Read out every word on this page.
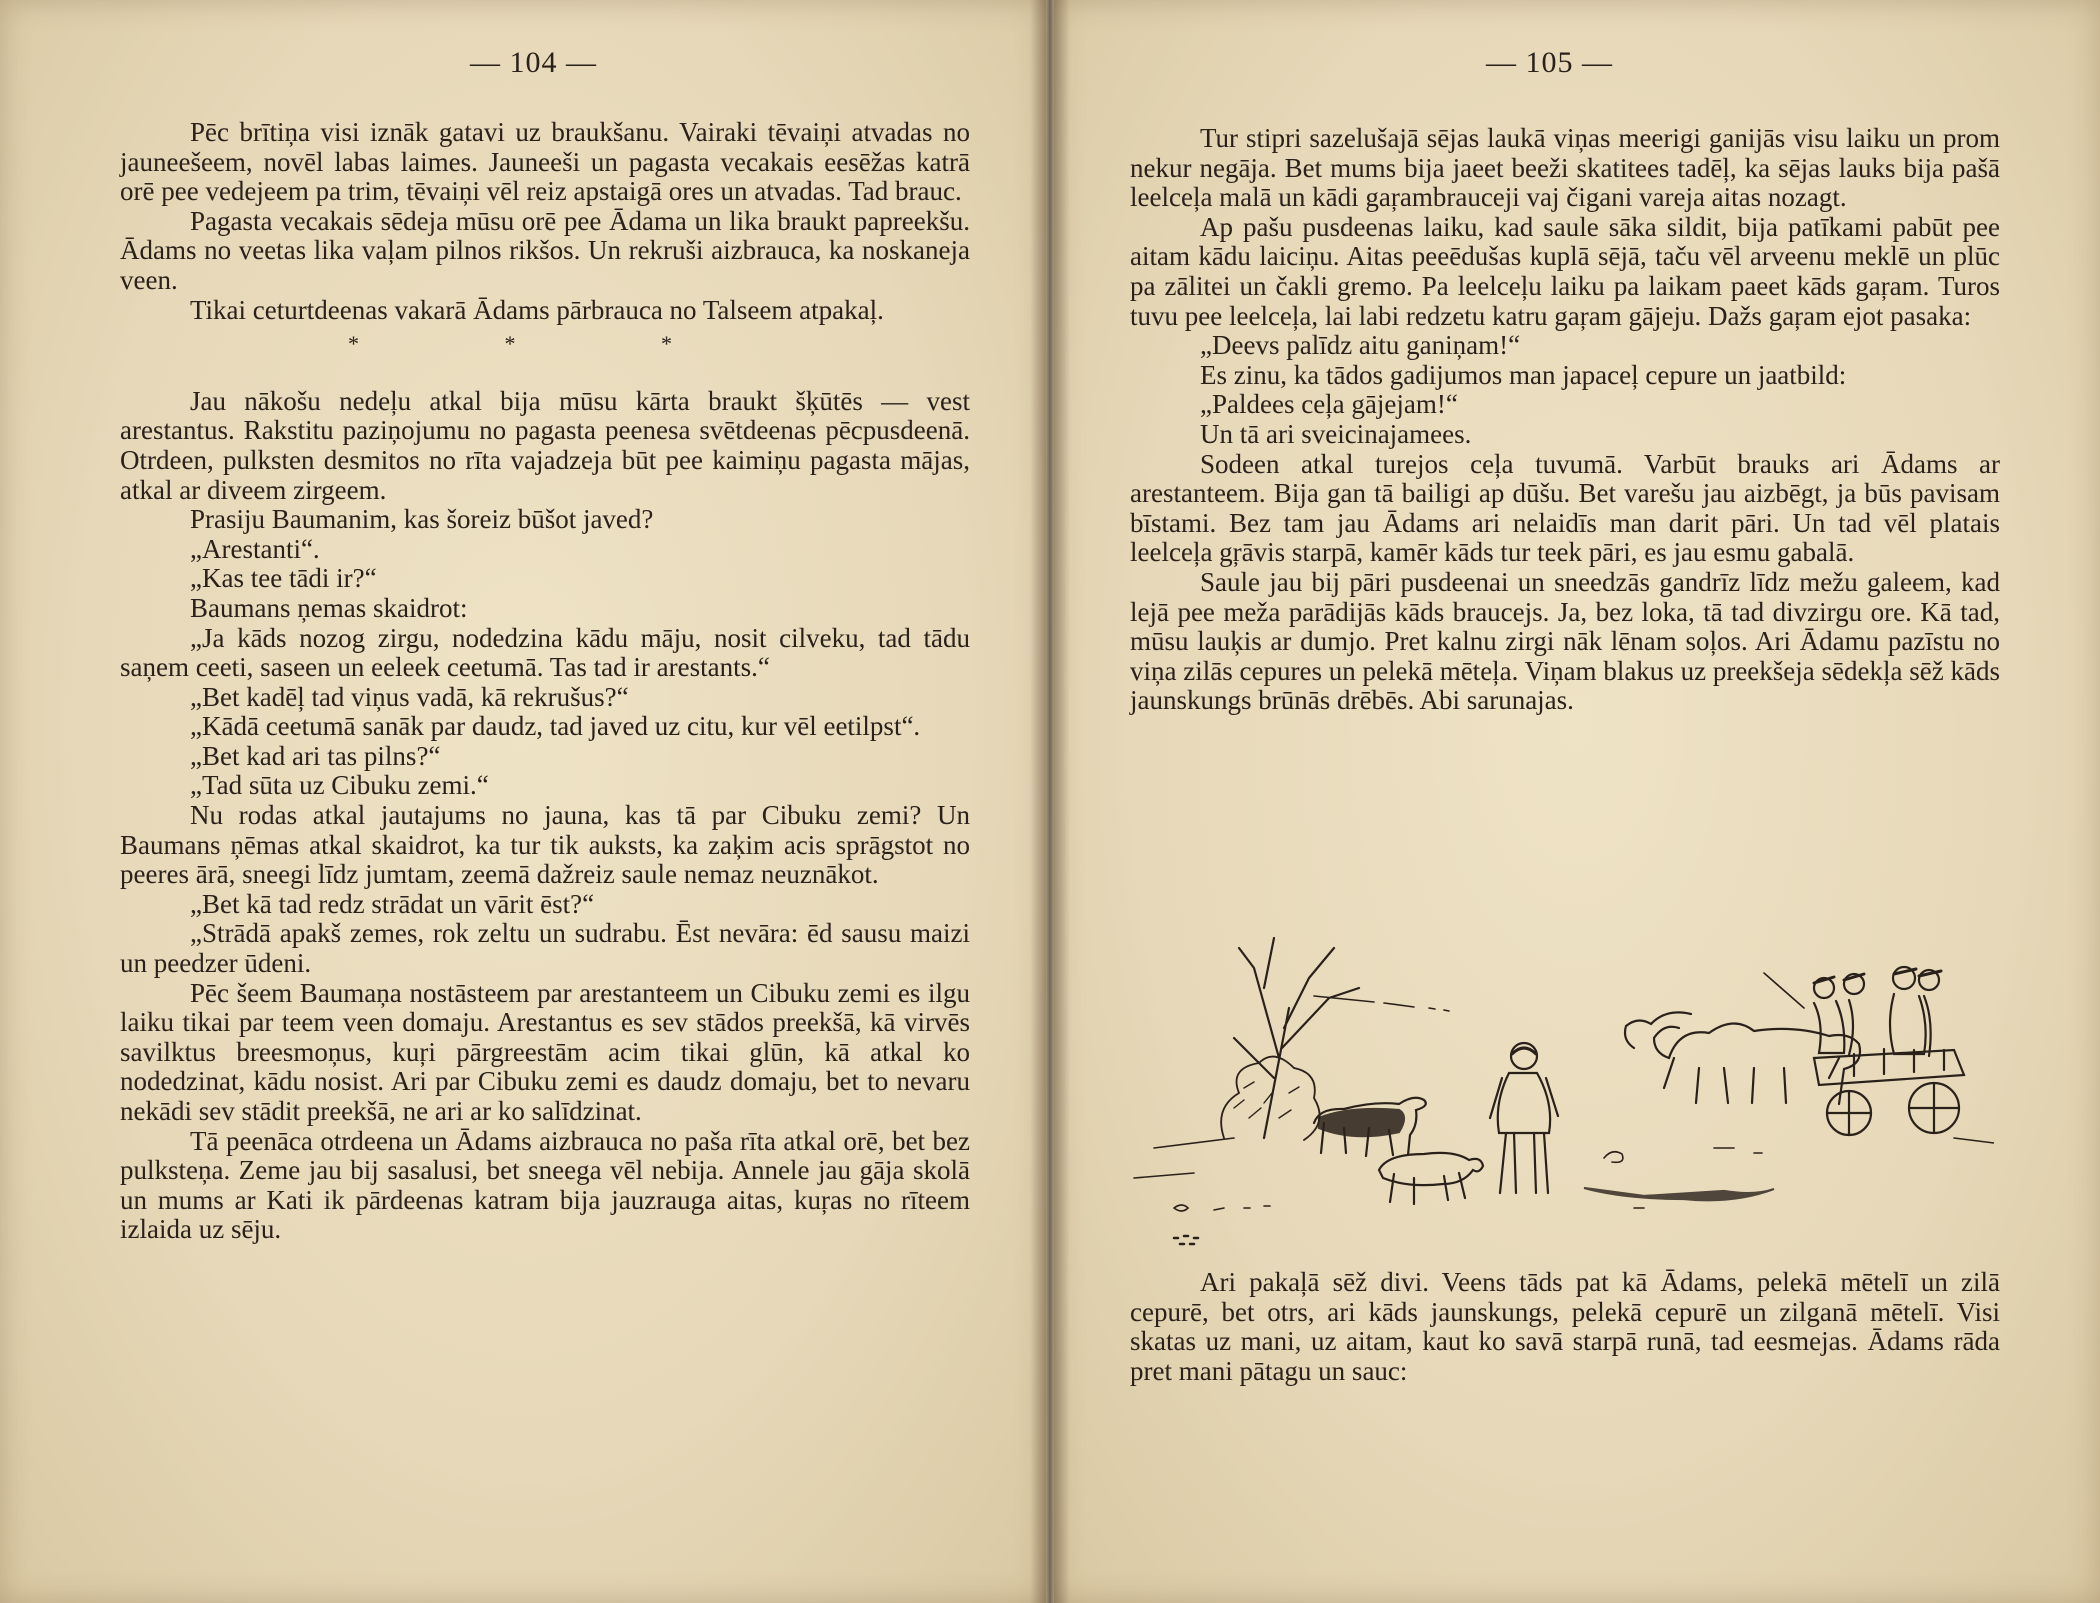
— 104 —

Pēc brītiņa visi iznāk gatavi uz braukšanu. Vairaki tēvaiņi atvadas no jauneešeem, novēl labas laimes. Jauneeši un pagasta vecakais eesēžas katrā orē pee vedejeem pa trim, tēvaiņi vēl reiz apstaigā ores un atvadas. Tad brauc.

Pagasta vecakais sēdeja mūsu orē pee Ādama un lika braukt papreekšu. Ādams no veetas lika vaļam pilnos rikšos. Un rekruši aizbrauca, ka noskaneja veen.

Tikai ceturtdeenas vakarā Ādams pārbrauca no Talseem atpakaļ.

* * *

Jau nākošu nedeļu atkal bija mūsu kārta braukt šķūtēs — vest arestantus. Rakstitu paziņojumu no pagasta peenesa svētdeenas pēcpusdeenā. Otrdeen, pulksten desmitos no rīta vajadzeja būt pee kaimiņu pagasta mājas, atkal ar diveem zirgeem.

Prasiju Baumanim, kas šoreiz būšot javed?

„Arestanti“.

„Kas tee tādi ir?“

Baumans ņemas skaidrot:

„Ja kāds nozog zirgu, nodedzina kādu māju, nosit cilveku, tad tādu saņem ceeti, saseen un eeleek ceetumā. Tas tad ir arestants.“

„Bet kadēļ tad viņus vadā, kā rekrušus?“

„Kādā ceetumā sanāk par daudz, tad javed uz citu, kur vēl eetilpst“.

„Bet kad ari tas pilns?“

„Tad sūta uz Cibuku zemi.“

Nu rodas atkal jautajums no jauna, kas tā par Cibuku zemi? Un Baumans ņēmas atkal skaidrot, ka tur tik auksts, ka zaķim acis sprāgstot no peeres ārā, sneegi līdz jumtam, zeemā dažreiz saule nemaz neuznākot.

„Bet kā tad redz strādat un vārit ēst?“

„Strādā apakš zemes, rok zeltu un sudrabu. Ēst nevāra: ēd sausu maizi un peedzer ūdeni.

Pēc šeem Baumaņa nostāsteem par arestanteem un Cibuku zemi es ilgu laiku tikai par teem veen domaju. Arestantus es sev stādos preekšā, kā virvēs savilktus breesmoņus, kuŗi pārgreestām acim tikai glūn, kā atkal ko nodedzinat, kādu nosist. Ari par Cibuku zemi es daudz domaju, bet to nevaru nekādi sev stādit preekšā, ne ari ar ko salīdzinat.

Tā peenāca otrdeena un Ādams aizbrauca no paša rīta atkal orē, bet bez pulksteņa. Zeme jau bij sasalusi, bet sneega vēl nebija. Annele jau gāja skolā un mums ar Kati ik pārdeenas katram bija jauzrauga aitas, kuŗas no rīteem izlaida uz sēju.

— 105 —

Tur stipri sazelušajā sējas laukā viņas meerigi ganijās visu laiku un prom nekur negāja. Bet mums bija jaeet beeži skatitees tadēļ, ka sējas lauks bija pašā leelceļa malā un kādi gaŗambrauceji vaj čigani vareja aitas nozagt.

Ap pašu pusdeenas laiku, kad saule sāka sildit, bija patīkami pabūt pee aitam kādu laiciņu. Aitas peeēdušas kuplā sējā, taču vēl arveenu meklē un plūc pa zālitei un čakli gremo. Pa leelceļu laiku pa laikam paeet kāds gaŗam. Turos tuvu pee leelceļa, lai labi redzetu katru gaŗam gājeju. Dažs gaŗam ejot pasaka:

„Deevs palīdz aitu ganiņam!“

Es zinu, ka tādos gadijumos man japaceļ cepure un jaatbild:

„Paldees ceļa gājejam!“

Un tā ari sveicinajamees.

Sodeen atkal turejos ceļa tuvumā. Varbūt brauks ari Ādams ar arestanteem. Bija gan tā bailigi ap dūšu. Bet varešu jau aizbēgt, ja būs pavisam bīstami. Bez tam jau Ādams ari nelaidīs man darit pāri. Un tad vēl platais leelceļa gŗāvis starpā, kamēr kāds tur teek pāri, es jau esmu gabalā.

Saule jau bij pāri pusdeenai un sneedzās gandrīz līdz mežu galeem, kad lejā pee meža parādijās kāds braucejs. Ja, bez loka, tā tad divzirgu ore. Kā tad, mūsu lauķis ar dumjo. Pret kalnu zirgi nāk lēnam soļos. Ari Ādamu pazīstu no viņa zilās cepures un pelekā mēteļa. Viņam blakus uz preekšeja sēdekļa sēž kāds jaunskungs brūnās drēbēs. Abi sarunajas.

Ari pakaļā sēž divi. Veens tāds pat kā Ādams, pelekā mētelī un zilā cepurē, bet otrs, ari kāds jaunskungs, pelekā cepurē un zilganā mētelī. Visi skatas uz mani, uz aitam, kaut ko savā starpā runā, tad eesmejas. Ādams rāda pret mani pātagu un sauc:
